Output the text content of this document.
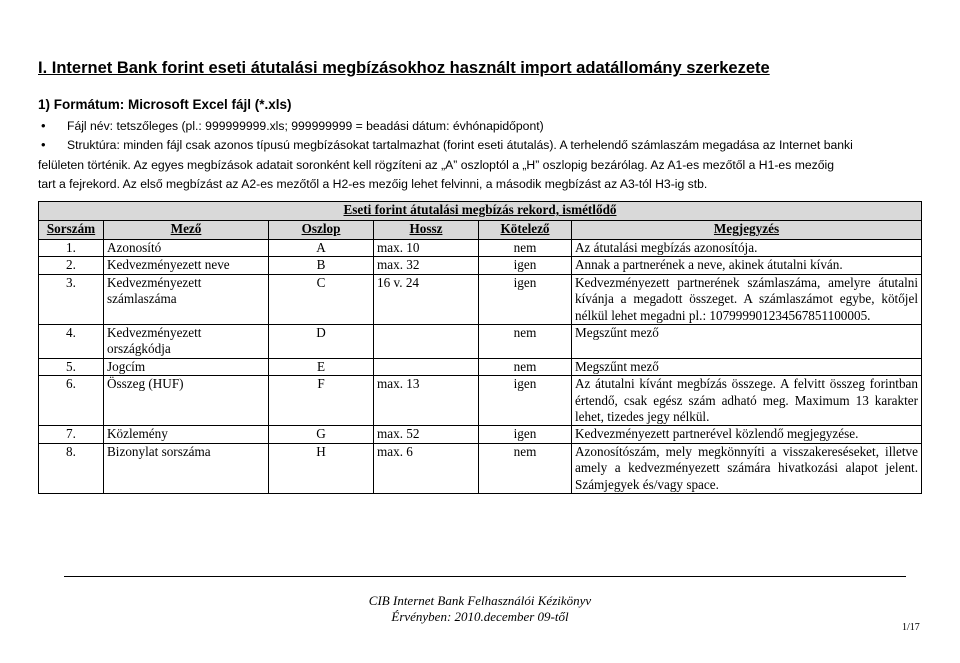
I. Internet Bank forint eseti átutalási megbízásokhoz használt import adatállomány szerkezete
1) Formátum: Microsoft Excel fájl (*.xls)
• Fájl név: tetszőleges (pl.: 999999999.xls; 999999999 = beadási dátum: évhónapidőpont)
• Struktúra: minden fájl csak azonos típusú megbízásokat tartalmazhat (forint eseti átutalás). A terhelendő számlaszám megadása az Internet banki
felületen történik. Az egyes megbízások adatait soronként kell rögzíteni az „A” oszloptól a „H” oszlopig bezárólag. Az A1-es mezőtől a H1-es mezőig
tart a fejrekord. Az első megbízást az A2-es mezőtől a H2-es mezőig lehet felvinni, a második megbízást az A3-tól H3-ig stb.
Eseti forint átutalási megbízás rekord, ismétlődő					
Sorszám	Mező	Oszlop	Hossz	Kötelező	Megjegyzés
1.	Azonosító	A	max. 10	nem	Az átutalási megbízás azonosítója.
2.	Kedvezményezett neve	B	max. 32	igen	Annak a partnerének a neve, akinek átutalni kíván.
3.	Kedvezményezett számlaszáma	C	16 v. 24	igen	Kedvezményezett partnerének számlaszáma, amelyre átutalni kívánja a megadott összeget. A számlaszámot egybe, kötőjel nélkül lehet megadni pl.: 107999901234567851100005.
4.	Kedvezményezett országkódja	D		nem	Megszűnt mező
5.	Jogcím	E		nem	Megszűnt mező
6.	Összeg (HUF)	F	max. 13	igen	Az átutalni kívánt megbízás összege. A felvitt összeg forintban értendő, csak egész szám adható meg. Maximum 13 karakter lehet, tizedes jegy nélkül.
7.	Közlemény	G	max. 52	igen	Kedvezményezett partnerével közlendő megjegyzése.
8.	Bizonylat sorszáma	H	max. 6	nem	Azonosítószám, mely megkönnyíti a visszakereséseket, illetve amely a kedvezményezett számára hivatkozási alapot jelent. Számjegyek és/vagy space.
CIB Internet Bank Felhasználói Kézikönyv
Érvényben: 2010.december 09-től
1/17
